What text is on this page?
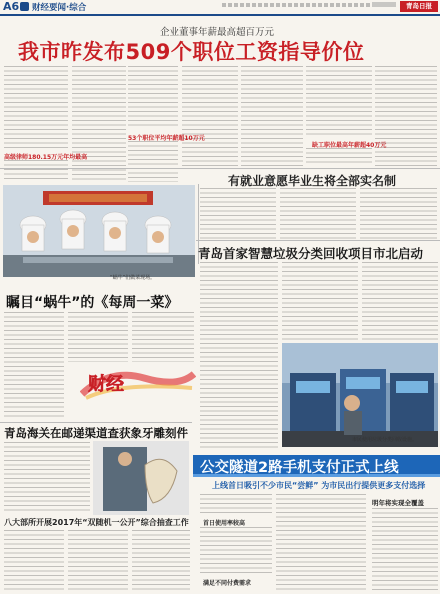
A6 财经要闻·综合	青岛日报
企业董事年薪最高超百万元
我市昨发布509个职位工资指导价位
高级律师180.15万元年均最高
53个职位平均年薪超10万元
缺工职位最高年薪超40万元
有就业意愿毕业生将全部实名制
“蜗牛”们做菜现场。
瞩目“蜗牛”的《每周一菜》
财经
青岛首家智慧垃圾分类回收项目市北启动
市民使用垃圾分类回收设施。
青岛海关在邮递渠道查获象牙雕刻件
八大部所开展2017年“双随机一公开”综合抽查工作
公交隧道2路手机支付正式上线
上线首日吸引不少市民“尝鲜” 为市民出行提供更多支付选择
首日使用率较高
满足不同付费需求
明年将实现全覆盖
